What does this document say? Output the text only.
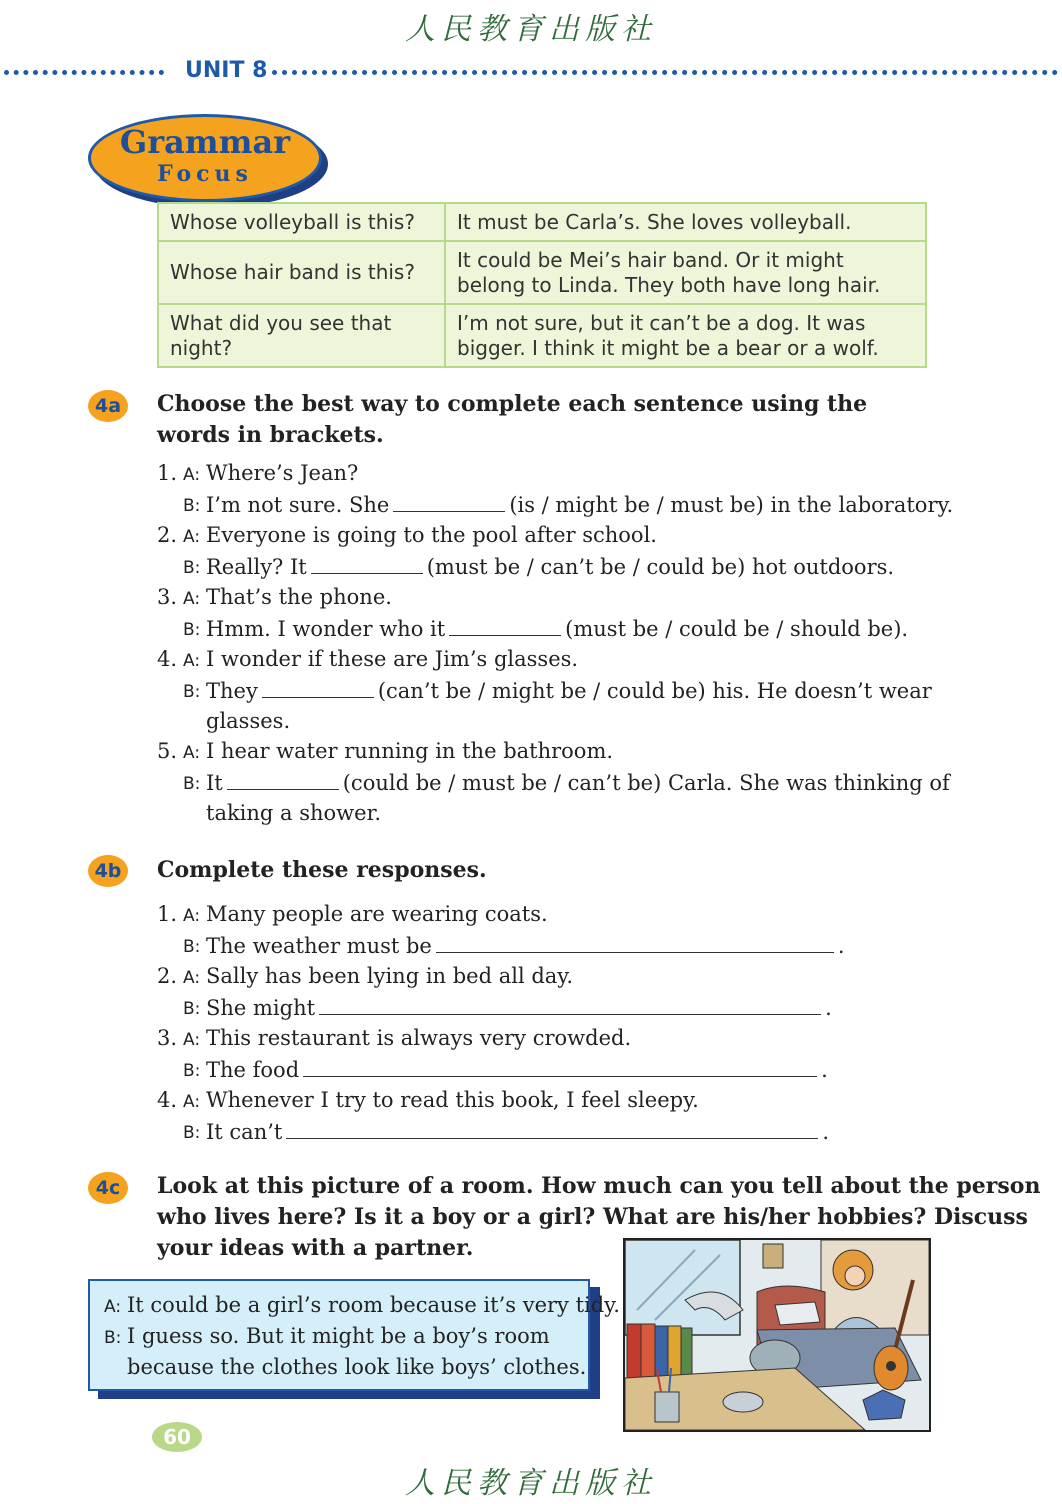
人民教育出版社
UNIT 8
Grammar
Focus
Whose volleyball is this?	It must be Carla’s. She loves volleyball.
Whose hair band is this?	It could be Mei’s hair band. Or it might belong to Linda. They both have long hair.
What did you see that night?	I’m not sure, but it can’t be a dog. It was bigger. I think it might be a bear or a wolf.
4a	Choose the best way to complete each sentence using the words in brackets.
1. A: Where’s Jean?
B: I’m not sure. She	(is / might be / must be) in the laboratory.
2. A: Everyone is going to the pool after school.
B: Really? It	(must be / can’t be / could be) hot outdoors.
3. A: That’s the phone.
B: Hmm. I wonder who it	(must be / could be / should be).
4. A: I wonder if these are Jim’s glasses.
B: They	(can’t be / might be / could be) his. He doesn’t wear
glasses.
5. A: I hear water running in the bathroom.
B: It	(could be / must be / can’t be) Carla. She was thinking of
taking a shower.
4b Complete these responses.
1. A: Many people are wearing coats.
B: The weather must be	.
2. A: Sally has been lying in bed all day.
B: She might	.
3. A: This restaurant is always very crowded.
B: The food	.
4. A: Whenever I try to read this book, I feel sleepy.
B: It can’t	.
4c	Look at this picture of a room. How much can you tell about the person
who lives here? Is it a boy or a girl? What are his/her hobbies? Discuss
your ideas with a partner.
A: It could be a girl’s room because it’s very tidy.
B: I guess so. But it might be a boy’s room
because the clothes look like boys’ clothes.
60
人民教育出版社
